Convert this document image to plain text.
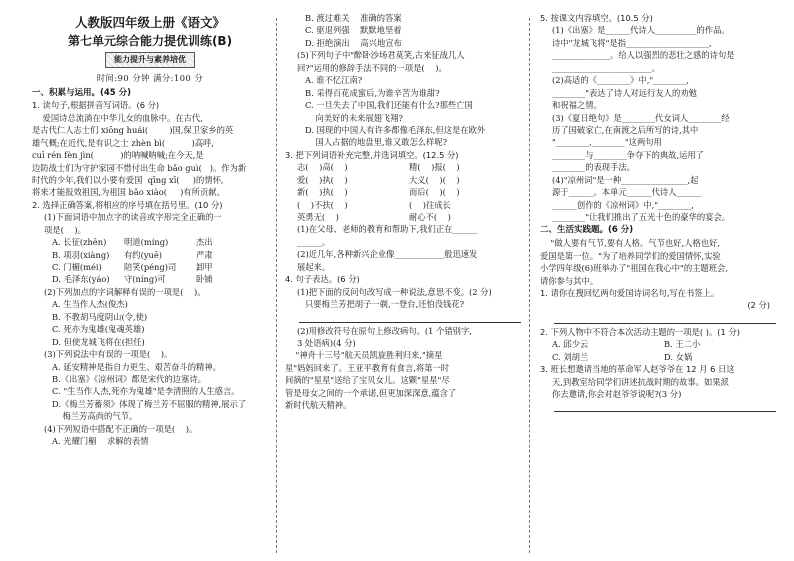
人教版四年级上册《语文》
第七单元综合能力提优训练(B)
能力提升与素养培优
时间:90 分钟 满分:100 分
一、积累与运用。(45 分)
1. 读句子,根据拼音写词语。(6 分)
爱国诗总流淌在中华儿女的血脉中。在古代,
是古代仁人志士们 xiōng huái(        )国,保卫家乡的英
雄气概;在近代,是有识之士 zhèn bì(          )高呼,
cuī rén fèn jìn(          )的呐喊呐喊;在今天,是
边防战士们为守护家园不惜付出生命 bǎo guì(   )。作为新
时代的少年,我们以小要有爱国  qīng xī(     )的情怀,
将来才能报效祖国,为祖国 bǎo xiào(     )有所贡献。
2. 选择正确答案,将相应的序号填在括号里。(10 分)
(1)下面词语中加点字的读音或字形完全正确的一
项是(    )。
A. 长征(zhēn)	明道(míng)	杰出
B. 项羽(xiàng)	有约(yuē)	严肃
C. 门楣(méi)	陪笑(péng)司	卸甲
D. 毛泽东(yáo)	守(níng)可	卧铺
(2)下列加点的字词解释有误的一项是(    )。
A. 生当作人杰(俊杰)
B. 不教胡马度阴山(令,使)
C. 死亦为鬼雄(鬼魂英雄)
D. 但使龙城飞将在(担任)
(3)下列说法中有误的一项是(    )。
A. 延安精神是指自力更生、艰苦奋斗的精神。
B.《出塞》《凉州词》都是宋代的边塞诗。
C. "生当作人杰,死亦为鬼雄"是李清照的人生感言。
D.《梅兰芳蓄须》体现了梅兰芳不屈服的精神,展示了
梅兰芳高尚的气节。
(4)下列短语中搭配不正确的一项是(    )。
A. 光耀门楣    求解的表情
B. 渡过难关    准确的答案
C. 驱退列强    默默地坚着
D. 拒绝演出    高兴地宣布
(5)下列句子中"醉卧沙场君莫笑,古来征战几人
回?"运用的修辞手法不同的一项是(    )。
A. 谁不忆江南?
B. 采得百花成蜜后,为谁辛苦为谁甜?
C. 一旦失去了中国,我们还能有什么?那些亡国
向美好的未来展翅飞翔?
D. 国现的中国人有许多都像毛泽东,但这是在欧外
国人占据的地盘里,谁又敢怎么样呢?
3. 把下列词语补充完整,并选词填空。(12.5 分)
志(    )高(    )	精(    )报(    )
爱(    )执(    )	大义(    )(    )
新(    )执(    )	而后(    )(    )
(    )不扶(    )	(    )往成长
英勇无(    )	耐心不(    )
(1)在父母、老师的教育和帮助下,我们正在______
______。
(2)近几年,各种新兴企业像____________般迅速发
展起来。
4. 句子表达。(6 分)
(1)把下面的反问句改写成一种说法,意思不变。(2 分)
只要梅兰芳把胡子一剃,一登台,还怕没钱花?
(2)用修改符号在原句上修改病句。(1 个错别字,
3 处语病)(4 分)
"神舟十三号"航天员凯旋胜利归来,"摘星
星"妈妈回来了。王亚平教育有食言,将第一时
间摘的"星星"送给了宝贝女儿。这颗"星星"尽
管是母女之间的一个承诺,但更加深深意,蕴含了
新时代航天精神。
5. 按课文内容填空。(10.5 分)
(1)《出塞》是______代诗人__________的作品。
诗中"龙城飞将"是指____________________,
______________。给人以强烈的悲壮之感的诗句是
________________________。
(2)高适的《________》中,"________,
________"表达了诗人对远行友人的劝勉
和祝福之情。
(3)《夏日绝句》是________代女词人________经
历了国破家亡,在南渡之后所写的诗,其中
"________,________"这两句用
________与________争夺下的典故,运用了
________的表现手法。
(4)"凉州词"是一种________________,起
源于______。本单元______代诗人______
______创作的《凉州词》中,"________,
________"让我们推出了五光十色的豪华的宴会。
二、生活实践题。(6 分)
"做人要有气节,要有人格。气节也好,人格也好,
爱国是第一位。"为了培养同学们的爱国情怀,实验
小学四年级(6)班举办了"祖国在我心中"的主题班会,
请你参与其中。
1. 请你在搜回忆两句爱国诗词名句,写在书签上。
(2 分)
2. 下列人物中不符合本次活动主题的一项是( )。(1 分)
A. 邱少云	B. 王二小
C. 刘胡兰	D. 女娲
3. 班长想邀请当地的革命军人赵爷爷在 12 月 6 日这
天,到教室给同学们讲述抗战时期的故事。如果派
你去邀请,你会对赵爷爷说呢?(3 分)
